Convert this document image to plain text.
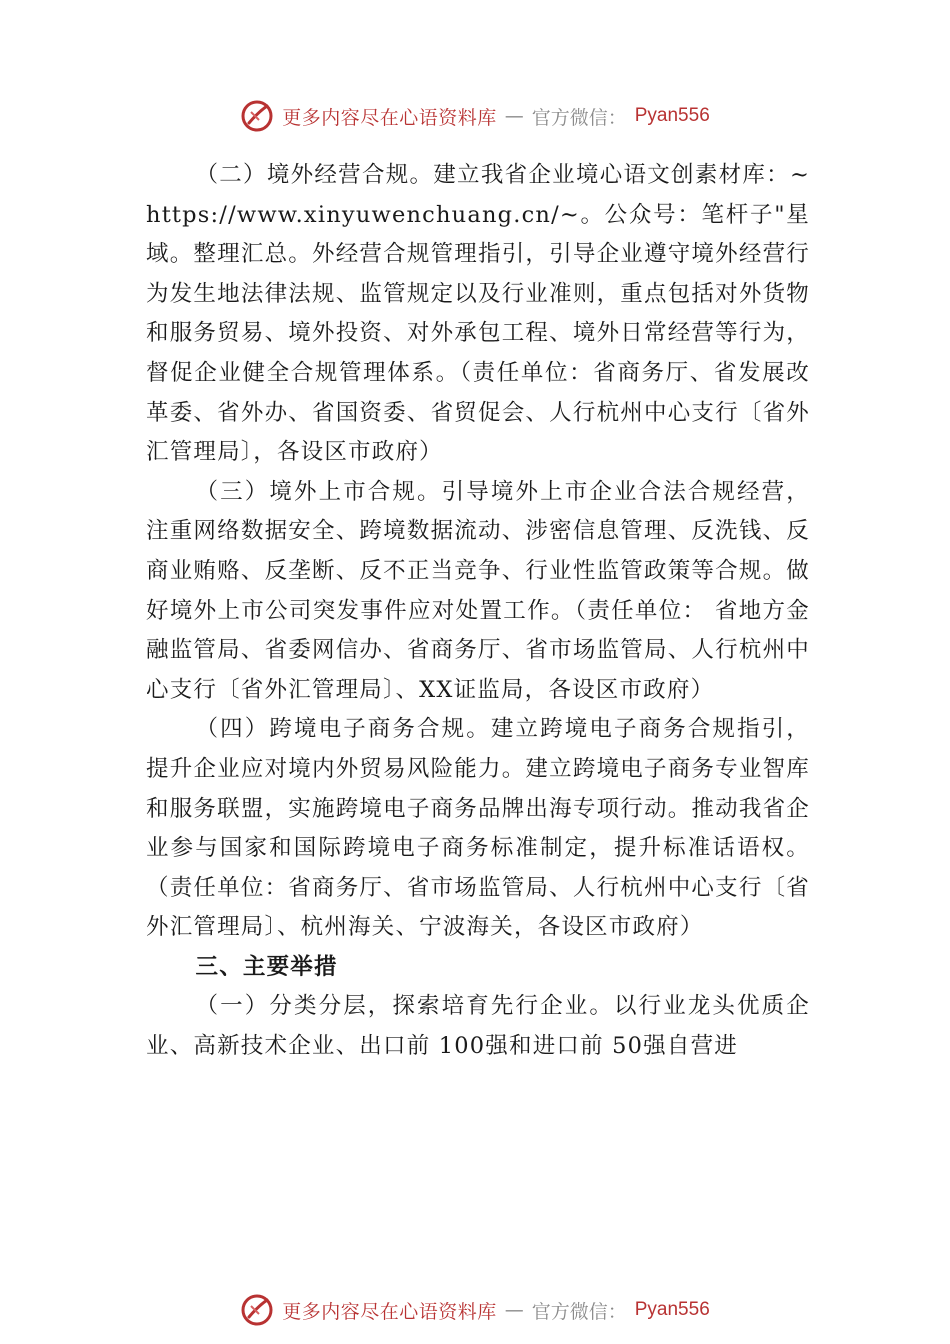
更多内容尽在心语资料库 — 官方微信： Pyan556

（二）境外经营合规。建立我省企业境心语文创素材库：~https://www.xinyuwenchuang.cn/~。公众号：笔杆子"星域。整理汇总。外经营合规管理指引，引导企业遵守境外经营行为发生地法律法规、监管规定以及行业准则，重点包括对外货物和服务贸易、境外投资、对外承包工程、境外日常经营等行为，督促企业健全合规管理体系。（责任单位：省商务厅、省发展改革委、省外办、省国资委、省贸促会、人行杭州中心支行〔省外汇管理局〕，各设区市政府）

（三）境外上市合规。引导境外上市企业合法合规经营，注重网络数据安全、跨境数据流动、涉密信息管理、反洗钱、反商业贿赂、反垄断、反不正当竞争、行业性监管政策等合规。做好境外上市公司突发事件应对处置工作。（责任单位： 省地方金融监管局、省委网信办、省商务厅、省市场监管局、人行杭州中心支行〔省外汇管理局〕、XX证监局，各设区市政府）

（四）跨境电子商务合规。建立跨境电子商务合规指引，提升企业应对境内外贸易风险能力。建立跨境电子商务专业智库和服务联盟，实施跨境电子商务品牌出海专项行动。推动我省企业参与国家和国际跨境电子商务标准制定，提升标准话语权。（责任单位：省商务厅、省市场监管局、人行杭州中心支行〔省外汇管理局〕、杭州海关、宁波海关，各设区市政府）

三、主要举措

（一）分类分层，探索培育先行企业。以行业龙头优质企业、高新技术企业、出口前 100强和进口前 50强自营进

更多内容尽在心语资料库 — 官方微信： Pyan556
